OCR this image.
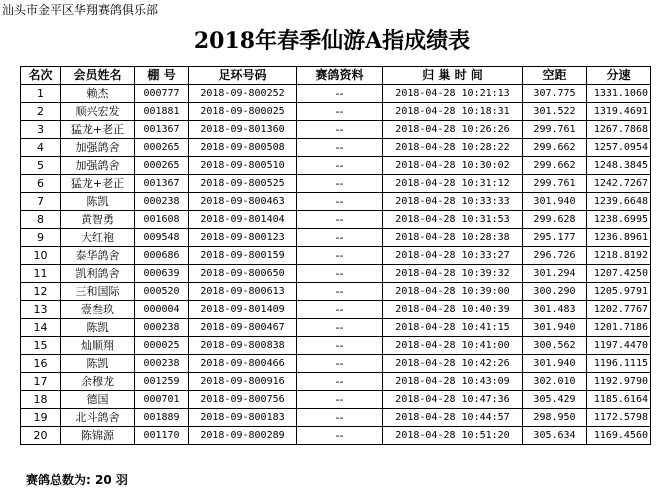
汕头市金平区华翔赛鸽俱乐部
2018年春季仙游A指成绩表
名次	会员姓名	棚 号	足环号码	赛鸽资料	归 巢 时 间	空距	分速
1	赖杰	000777	2018-09-800252	--	2018-04-28 10:21:13	307.775	1331.1060
2	顺兴宏发	001881	2018-09-800025	--	2018-04-28 10:18:31	301.522	1319.4691
3	猛龙+老正	001367	2018-09-801360	--	2018-04-28 10:26:26	299.761	1267.7868
4	加强鸽舍	000265	2018-09-800508	--	2018-04-28 10:28:22	299.662	1257.0954
5	加强鸽舍	000265	2018-09-800510	--	2018-04-28 10:30:02	299.662	1248.3845
6	猛龙+老正	001367	2018-09-800525	--	2018-04-28 10:31:12	299.761	1242.7267
7	陈凯	000238	2018-09-800463	--	2018-04-28 10:33:33	301.940	1239.6648
8	黄智勇	001608	2018-09-801404	--	2018-04-28 10:31:53	299.628	1238.6995
9	大红袍	009548	2018-09-800123	--	2018-04-28 10:28:38	295.177	1236.8961
10	泰华鸽舍	000686	2018-09-800159	--	2018-04-28 10:33:27	296.726	1218.8192
11	凯利鸽舍	000639	2018-09-800650	--	2018-04-28 10:39:32	301.294	1207.4250
12	三和国际	000520	2018-09-800613	--	2018-04-28 10:39:00	300.290	1205.9791
13	壹叁玖	000004	2018-09-801409	--	2018-04-28 10:40:39	301.483	1202.7767
14	陈凯	000238	2018-09-800467	--	2018-04-28 10:41:15	301.940	1201.7186
15	灿顺翔	000025	2018-09-800838	--	2018-04-28 10:41:00	300.562	1197.4470
16	陈凯	000238	2018-09-800466	--	2018-04-28 10:42:26	301.940	1196.1115
17	余穆龙	001259	2018-09-800916	--	2018-04-28 10:43:09	302.010	1192.9790
18	德国	000701	2018-09-800756	--	2018-04-28 10:47:36	305.429	1185.6164
19	北斗鸽舍	001889	2018-09-800183	--	2018-04-28 10:44:57	298.950	1172.5798
20	陈锦源	001170	2018-09-800289	--	2018-04-28 10:51:20	305.634	1169.4560
赛鸽总数为: 20 羽
